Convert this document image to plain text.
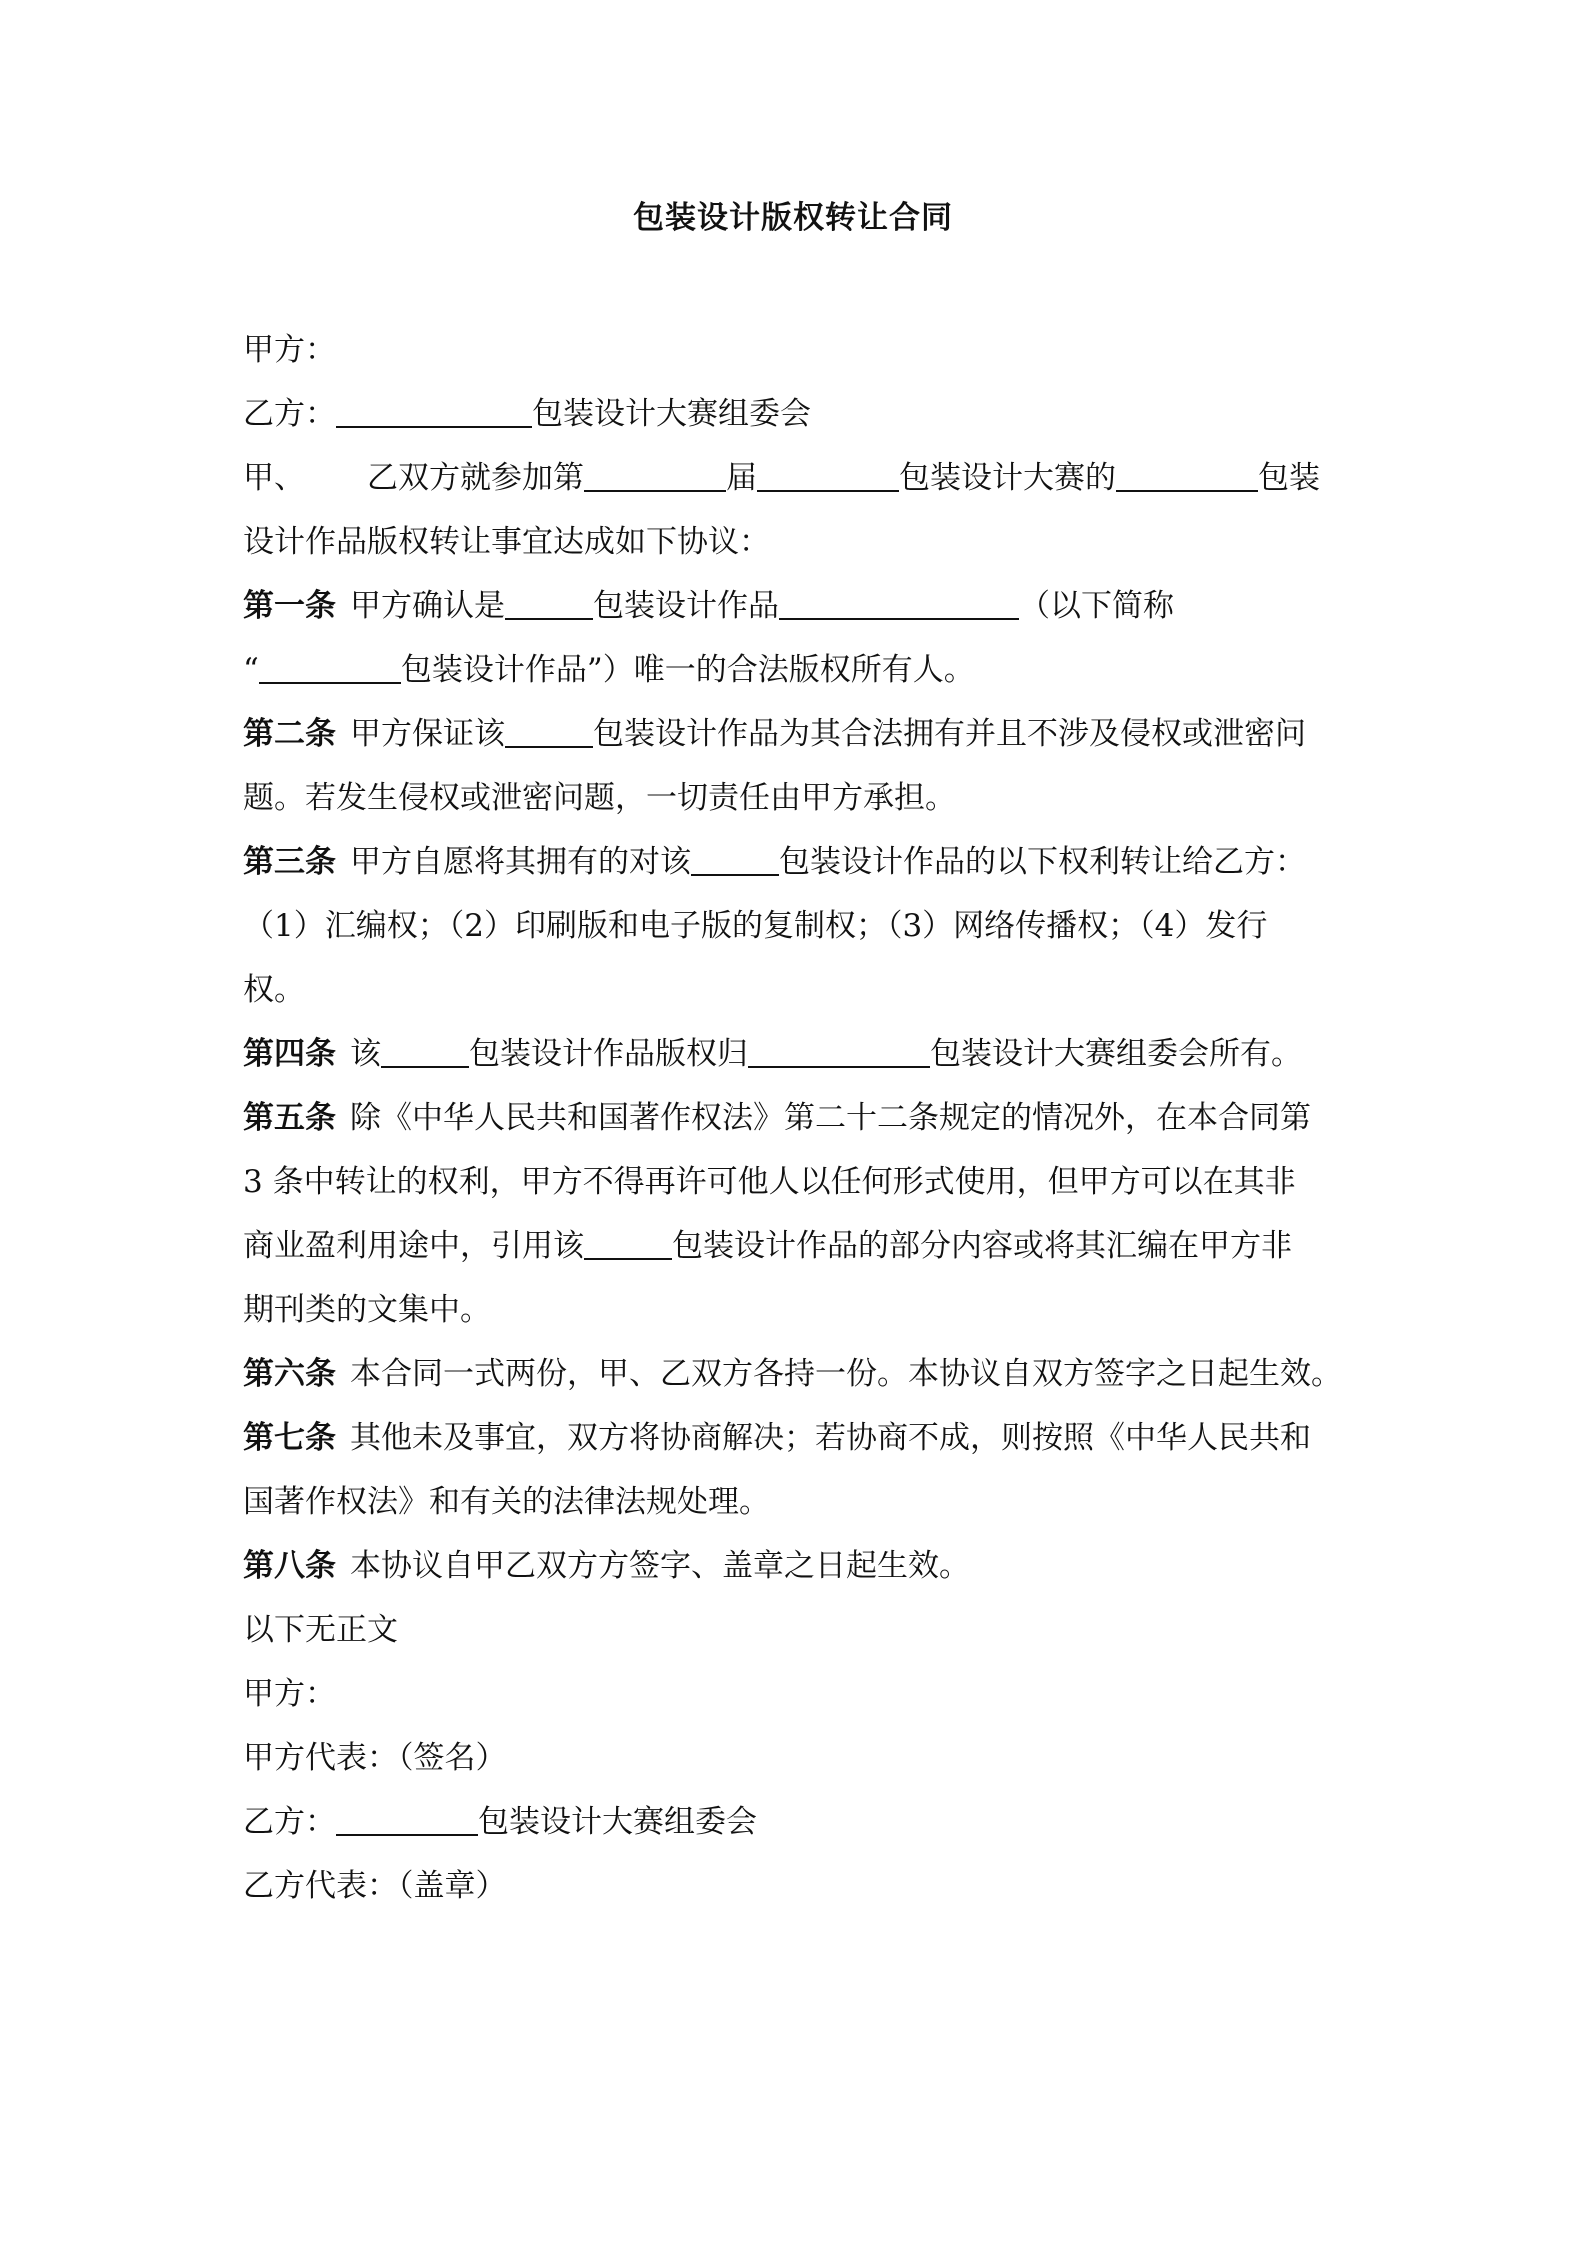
包装设计版权转让合同
甲方：
乙方：	包装设计大赛组委会
甲、 乙双方就参加第	届	包装设计大赛的	包装
设计作品版权转让事宜达成如下协议：
第一条 甲方确认是	包装设计作品	（以下简称
“	包装设计作品”）唯一的合法版权所有人。
第二条 甲方保证该	包装设计作品为其合法拥有并且不涉及侵权或泄密问
题。若发生侵权或泄密问题，一切责任由甲方承担。
第三条 甲方自愿将其拥有的对该	包装设计作品的以下权利转让给乙方：
（1）汇编权；（2）印刷版和电子版的复制权；（3）网络传播权；（4）发行
权。
第四条 该	包装设计作品版权归	包装设计大赛组委会所有。
第五条 除《中华人民共和国著作权法》第二十二条规定的情况外，在本合同第
3 条中转让的权利，甲方不得再许可他人以任何形式使用，但甲方可以在其非
商业盈利用途中，引用该	包装设计作品的部分内容或将其汇编在甲方非
期刊类的文集中。
第六条 本合同一式两份，甲、乙双方各持一份。本协议自双方签字之日起生效。
第七条 其他未及事宜，双方将协商解决；若协商不成，则按照《中华人民共和
国著作权法》和有关的法律法规处理。
第八条 本协议自甲乙双方方签字、盖章之日起生效。
以下无正文
甲方：
甲方代表：（签名）
乙方：	包装设计大赛组委会
乙方代表：（盖章）
